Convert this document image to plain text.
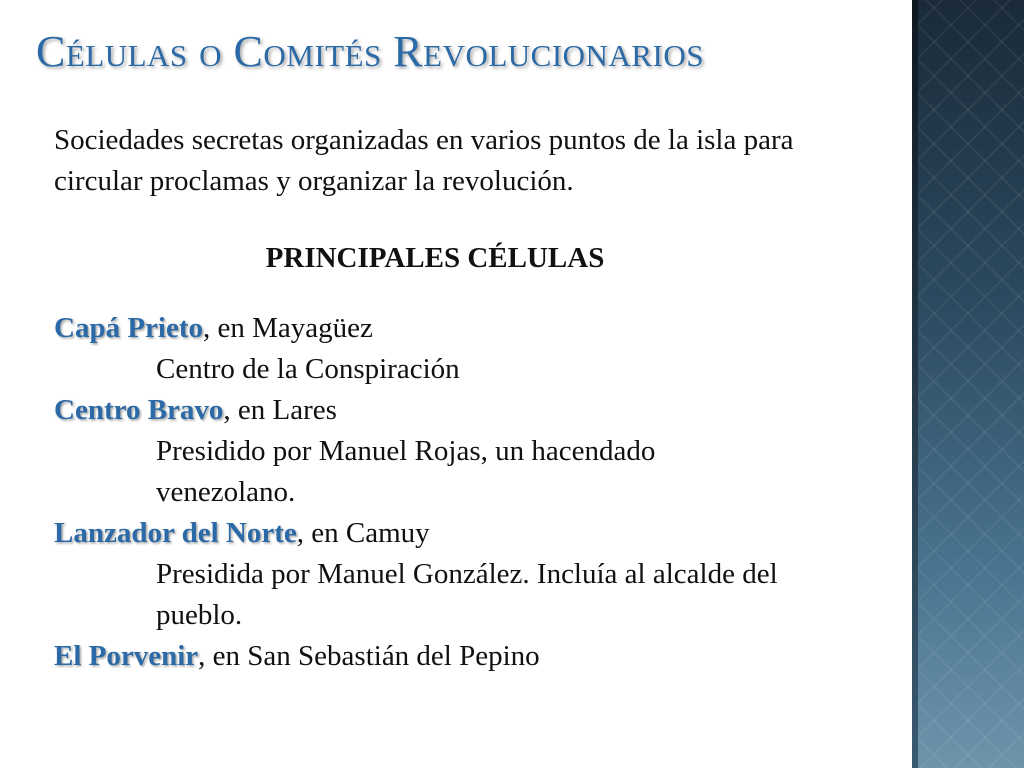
Células o Comités Revolucionarios
Sociedades secretas organizadas en varios puntos de la isla para circular proclamas y organizar la revolución.
PRINCIPALES CÉLULAS
Capá Prieto, en Mayagüez
Centro de la Conspiración
Centro Bravo, en Lares
Presidido por Manuel Rojas, un hacendado venezolano.
Lanzador del Norte, en Camuy
Presidida por Manuel González. Incluía al alcalde del pueblo.
El Porvenir, en San Sebastián del Pepino
